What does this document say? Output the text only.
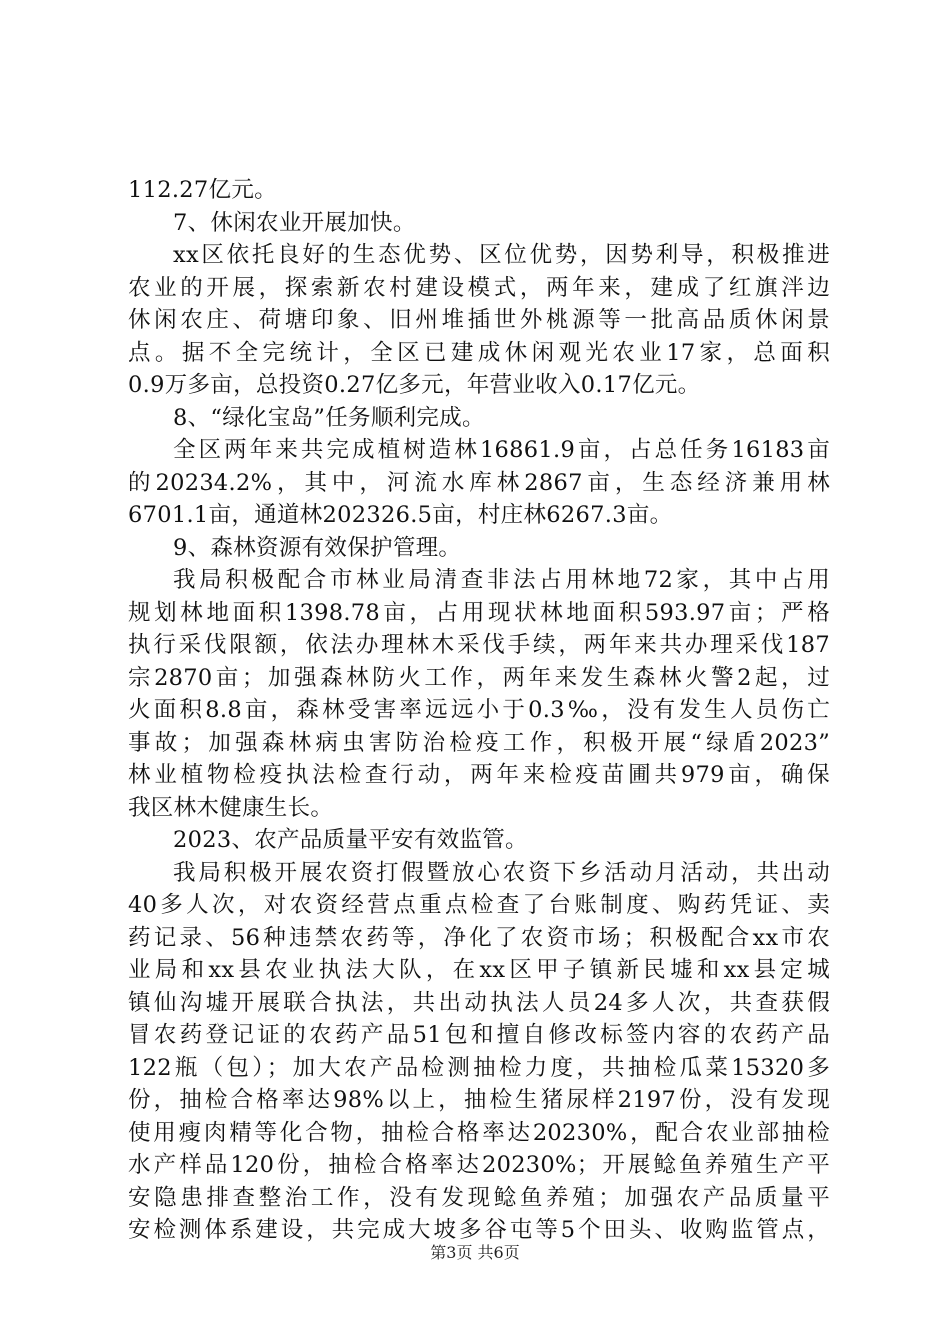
112.27亿元。
7、休闲农业开展加快。
xx区依托良好的生态优势、区位优势，因势利导，积极推进
农业的开展，探索新农村建设模式，两年来，建成了红旗泮边
休闲农庄、荷塘印象、旧州堆插世外桃源等一批高品质休闲景
点。据不全完统计，全区已建成休闲观光农业17家，总面积
0.9万多亩，总投资0.27亿多元，年营业收入0.17亿元。
8、“绿化宝岛”任务顺利完成。
全区两年来共完成植树造林16861.9亩，占总任务16183亩
的20234.2%，其中，河流水库林2867亩，生态经济兼用林
6701.1亩，通道林202326.5亩，村庄林6267.3亩。
9、森林资源有效保护管理。
我局积极配合市林业局清查非法占用林地72家，其中占用
规划林地面积1398.78亩，占用现状林地面积593.97亩；严格
执行采伐限额，依法办理林木采伐手续，两年来共办理采伐187
宗2870亩；加强森林防火工作，两年来发生森林火警2起，过
火面积8.8亩，森林受害率远远小于0.3‰，没有发生人员伤亡
事故；加强森林病虫害防治检疫工作，积极开展“绿盾2023”
林业植物检疫执法检查行动，两年来检疫苗圃共979亩，确保
我区林木健康生长。
2023、农产品质量平安有效监管。
我局积极开展农资打假暨放心农资下乡活动月活动，共出动
40多人次，对农资经营点重点检查了台账制度、购药凭证、卖
药记录、56种违禁农药等，净化了农资市场；积极配合xx市农
业局和xx县农业执法大队，在xx区甲子镇新民墟和xx县定城
镇仙沟墟开展联合执法，共出动执法人员24多人次，共查获假
冒农药登记证的农药产品51包和擅自修改标签内容的农药产品
122瓶（包）；加大农产品检测抽检力度，共抽检瓜菜15320多
份，抽检合格率达98%以上，抽检生猪尿样2197份，没有发现
使用瘦肉精等化合物，抽检合格率达20230%，配合农业部抽检
水产样品120份，抽检合格率达20230%；开展鲶鱼养殖生产平
安隐患排查整治工作，没有发现鲶鱼养殖；加强农产品质量平
安检测体系建设，共完成大坡多谷屯等5个田头、收购监管点，
第3页 共6页
